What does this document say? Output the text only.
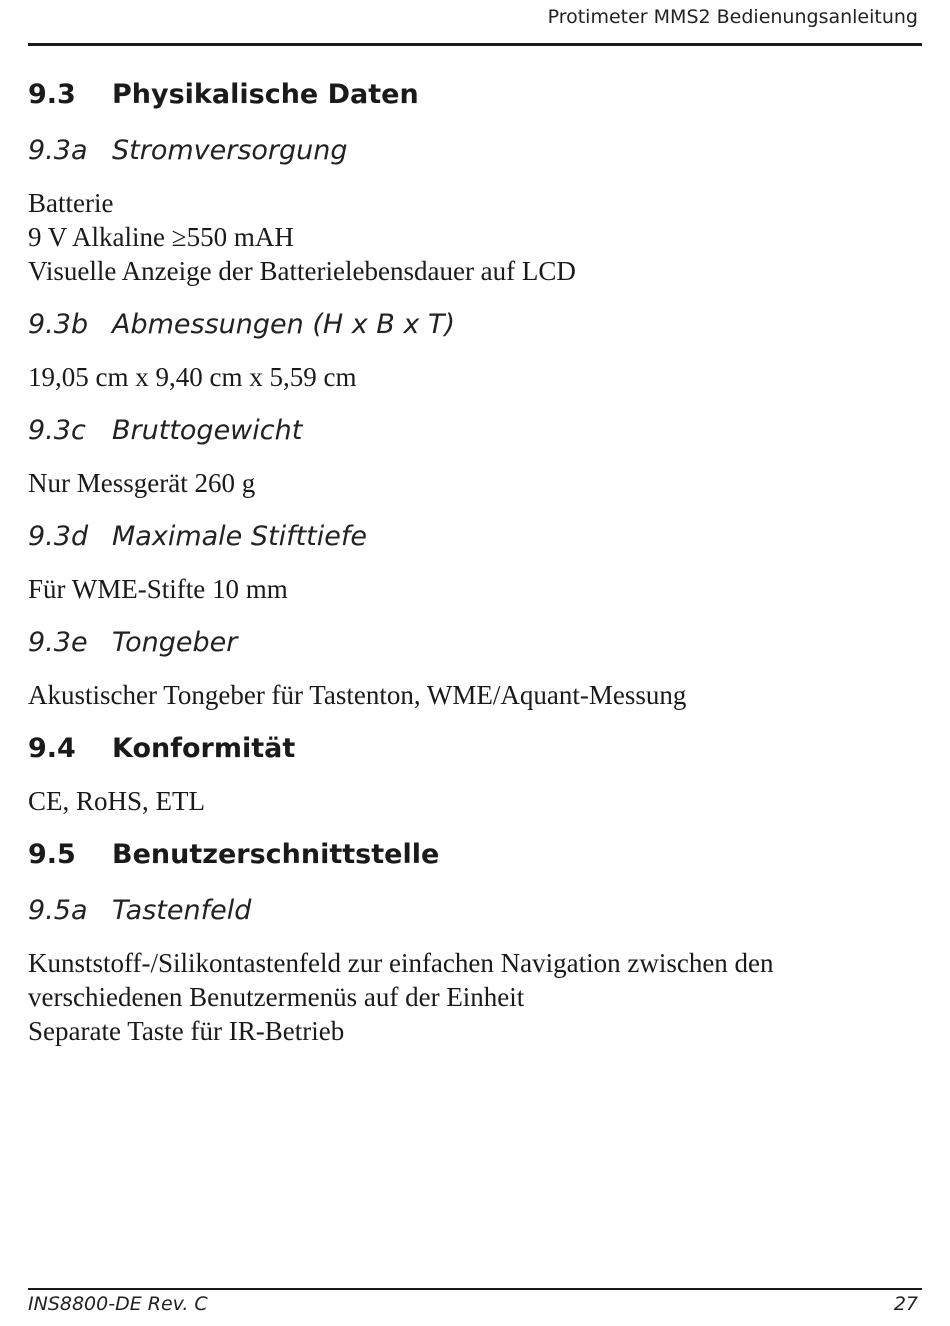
Protimeter MMS2 Bedienungsanleitung
9.3 Physikalische Daten
9.3a Stromversorgung

Batterie

9 V Alkaline ≥550 mAH

Visuelle Anzeige der Batterielebensdauer auf LCD

9.3b Abmessungen (H x B x T)

19,05 cm x 9,40 cm x 5,59 cm

9.3c Bruttogewicht

Nur Messgerät 260 g

9.3d Maximale Stifttiefe

Für WME-Stifte 10 mm

9.3e Tongeber

Akustischer Tongeber für Tastenton, WME/Aquant-Messung

9.4 Konformität

CE, RoHS, ETL

9.5 Benutzerschnittstelle
9.5a Tastenfeld

Kunststoff-/Silikontastenfeld zur einfachen Navigation zwischen den

verschiedenen Benutzermenüs auf der Einheit

Separate Taste für IR-Betrieb

INS8800-DE Rev. C	27
